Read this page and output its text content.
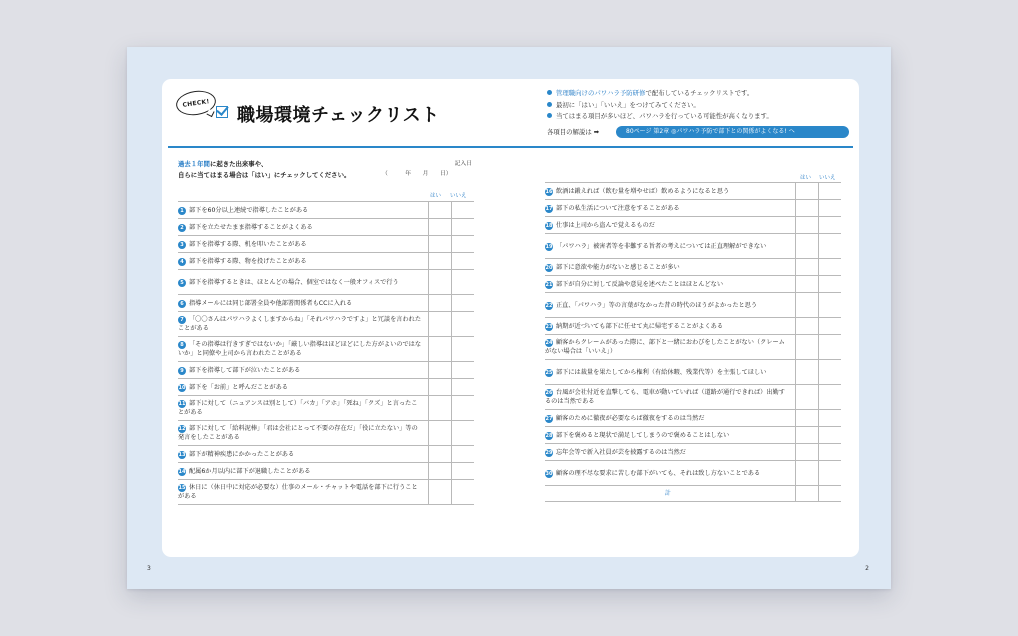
CHECK!
職場環境チェックリスト
管理職向けのパワハラ予防研修で配布しているチェックリストです。
最初に「はい」「いいえ」をつけてみてください。
当てはまる項目が多いほど、パワハラを行っている可能性が高くなります。
各項目の解説は ➡	80ページ 第2章 ◎パワハラ予防で部下との関係がよくなる! へ
過去１年間に起きた出来事や、
自らに当てはまる場合は「はい」にチェックしてください。
記入日
（　　　年　　月　　日）
はい いいえ
1 部下を60分以上連続で指導したことがある		
2 部下を立たせたまま指導することがよくある		
3 部下を指導する際、机を叩いたことがある		
4 部下を指導する際、物を投げたことがある		
5 部下を指導するときは、ほとんどの場合、個室ではなく一般オフィスで行う		
6 指導メールには同じ部署全員や他部署関係者もCCに入れる		
7 「〇〇さんはパワハラよくしますからね」「それパワハラですよ」と冗談を言われたことがある		
8 「その指導は行きすぎではないか」「厳しい指導はほどほどにした方がよいのではないか」と同僚や上司から言われたことがある		
9 部下を指導して部下が泣いたことがある		
10 部下を「お前」と呼んだことがある		
11 部下に対して（ニュアンスは別として）「バカ」「アホ」「死ね」「クズ」と言ったことがある		
12 部下に対して「給料泥棒」「君は会社にとって不要の存在だ」「役に立たない」等の発言をしたことがある		
13 部下が精神疾患にかかったことがある		
14 配属6か月以内に部下が退職したことがある		
15 休日に（休日中に対応が必要な）仕事のメール・チャットや電話を部下に行うことがある		
はい いいえ
16 飲酒は鍛えれば（飲む量を増やせば）飲めるようになると思う		
17 部下の私生活について注意をすることがある		
18 仕事は上司から盗んで覚えるものだ		
19 「パワハラ」被害者等を非難する旨者の考えについては正直理解ができない		
20 部下に意欲や能力がないと感じることが多い		
21 部下が自分に対して反論や意見を述べたことはほとんどない		
22 正直、「パワハラ」等の言葉がなかった昔の時代のほうがよかったと思う		
23 納期が近づいても部下に任せて丸に帰宅することがよくある		
24 顧客からクレームがあった際に、部下と一緒におわびをしたことがない（クレームがない場合は「いいえ」）		
25 部下には裁量を果たしてから権利（有給休暇、残業代等）を主張してほしい		
26 台風が会社付近を直撃しても、電車が動いていれば（道路が通行できれば）出勤するのは当然である		
27 顧客のために徹夜が必要ならば徹夜をするのは当然だ		
28 部下を褒めると現状で満足してしまうので褒めることはしない		
29 忘年会等で新入社員が芸を披露するのは当然だ		
30 顧客の理不尽な要求に苦しむ部下がいても、それは致し方ないことである		
計		
3	2
